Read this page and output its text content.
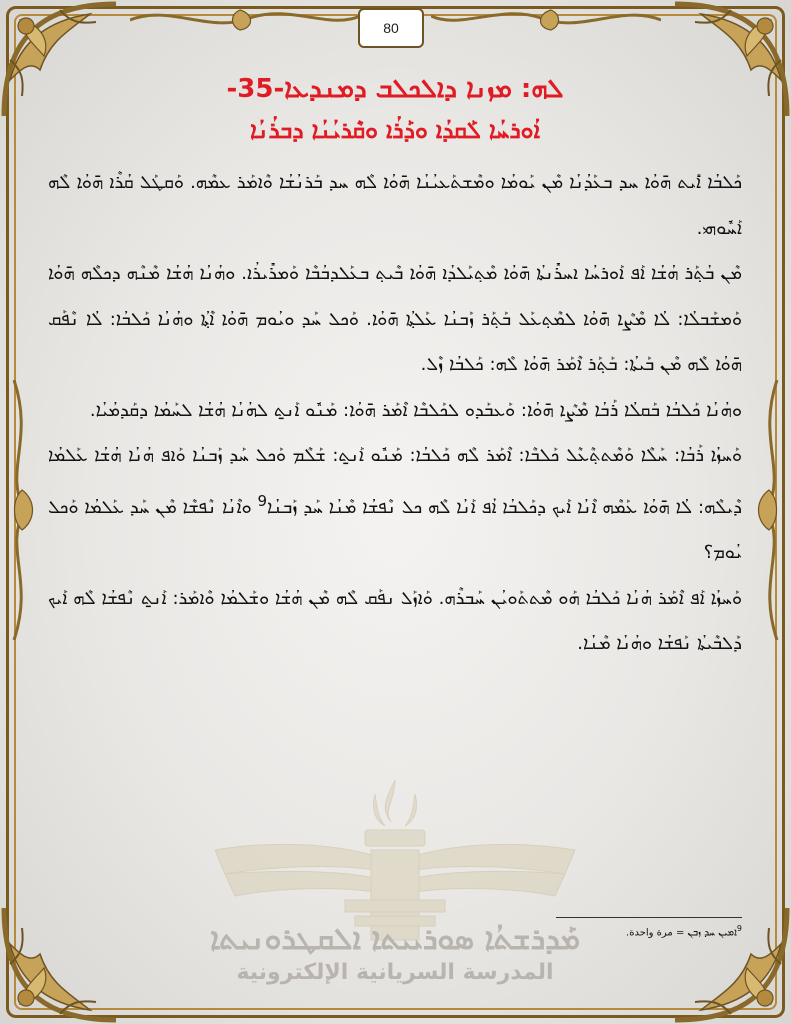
80
ܠܗ: ܡܙܢܐ ܕܐܠܟܠܒ ܕܡܢܕܥܐ-35-
ܐܳܘܪܚܳܐ ܠܰܩܕܳܐ ܘܕܰܪܳܐ ܘܩܶܪܝܳܢܳܐ ܕܒܪܳܢܳܐ
ܡܰܕܪܫܬܳܐ ܣܘܪܝܝܬܐ ܐܠܩܛܪܘܢܝܬܐ
المدرسة السريانية الإلكترونية

ܟܰܠܒܳܐ ܐܺܝܬ ܗ̄ܘܳܐ ܚܕ ܒܥܰܕܳܢܳܐ ܡܶܢ ܝܰܘܡܳܐ ܘܡܶܫܬܰܥܝܳܢܳܐ ܗ̄ܘܳܐ ܠܶܗ ܚܕ ܒܰܪܢܳܫܳܐ ܘܶܐܡܰܪ ܥܡܶܗ. ܘܰܩܛܰܠ ܩܳܪܶܐ ܗ̄ܘܳܐ ܠܶܗ ܐܰܚܽܘܗܝ.

ܡܶܢ ܒܳܬ݂ܰܪ ܗܳܫܳܐ ܐܰܦ ܐܰܘܪܚܳܐ ܐܚܪܺܢܬܳܐ ܗ̄ܘܳܐ ܡܶܬ݂ܝܰܠܕܳܐ ܗ̄ܘܳܐ ܒܶܝܬ݂ ܒܥܰܠܕܒܳܒܶܐ ܘܰܡܪܺܝܪܳܐ. ܘܗܳܢܳܐ ܗܳܫܳܐ ܡܶܢܶܗ ܕܟܠܶܗ ܗ̄ܘܳܐ ܘܰܡܫܰܒܠܳܐ: ܠܳܐ ܡܶܨܶܐ ܗ̄ܘܳܐ ܠܡܶܬ݂ܥܰܠ ܒܰܬ݂ܰܪ ܙܰܒܢܳܐ ܥܰܠܬ݂ܳܐ ܗ̄ܘܳܐ. ܘܰܟܠ ܚܰܕ ܘܝܳܘܡ ܗ̄ܘܳܐ ܐܶܬ݂ܳܐ ܘܗܳܢܳܐ ܟܰܠܒܳܐ: ܠܳܐ ܢܶܦܰܩ ܗ̄ܘܳܐ ܠܶܗ ܡܶܢ ܒܰܝܬܳܐ: ܒܰܬ݂ܰܪ ܐܶܡܰܪ ܗ̄ܘܳܐ ܠܶܗ: ܟܰܠܒܳܐ ܙܶܠ.

ܘܗܳܢܳܐ ܟܰܠܒܳܐ ܒܰܩܠܳܐ ܪܰܒܳܐ ܡܶܨܶܐ ܗ̄ܘܳܐ: ܘܰܥܒܰܕܘ ܠܟܰܠܒܶܐ ܐܶܡܰܪ ܗ̄ܘܳܐ: ܡܰܢܽܘ ܐܰܢ̱ܬ ܠܗܳܢܳܐ ܗܳܫܳܐ ܠܚܰܡܳܐ ܕܩܰܕܡܳܝܳܐ.

ܘܰܚܙܳܐ ܪܰܒܳܐ: ܚܰܠܶܐ ܘܰܡܶܬܬ݂ܶܥܶܠ ܟܰܠܒܶܐ: ܐܶܡܰܪ ܠܶܗ ܟܰܠܒܳܐ: ܡܰܢܽܘ ܐܰܢ̱ܬ: ܫܰܠܶܡ ܘܰܟܠ ܚܰܕ ܙܰܒܢܳܐ ܘܰܐܦ ܗܳܢܳܐ ܗܳܫܳܐ ܥܰܠܡܳܐ ܕܶܝܠܶܗ: ܠܳܐ ܗ̄ܘܳܐ ܥܰܡܶܗ ܐܶܢܳܐ ܐܰܝܟ ܕܟܰܠܒܳܐ ܐܳܦ ܐܰܢܳܐ ܠܶܗ ܟܠ ܢܶܦܫܳܐ ܡܶܢܳܐ ܚܰܕ ܙܰܒܢܳܐ$^9$ ܘܐܶܢܳܐ ܢܶܦܫܶܐ ܡܶܢ ܚܰܕ ܥܰܠܡܳܐ ܘܰܟܠ ܝܳܘܡ؟

ܘܰܚܙܳܐ ܐܰܦ ܐܶܡܰܪ ܗܳܢܳܐ ܟܰܠܒܳܐ ܗܰܘ ܡܶܬܬܰܘܝܳܢ ܚܰܒܪܶܗ. ܘܰܐܙܰܠ ܢܦܰܩ ܠܶܗ ܡܶܢ ܗܳܫܳܐ ܘܫܰܠܡܳܐ ܘܶܐܡܰܪ: ܐܰܢ̱ܬ ܢܶܦܫܳܐ ܠܶܗ ܐܰܝܟ ܕܰܠܒܶܝܬܳܐ ܢܰܦܫܳܐ ܘܗܳܢܳܐ ܡܶܢܳܐ.

$^9$ܐܡܝܢ ܚܕ ܙܒܢ = مرة واحدة.
